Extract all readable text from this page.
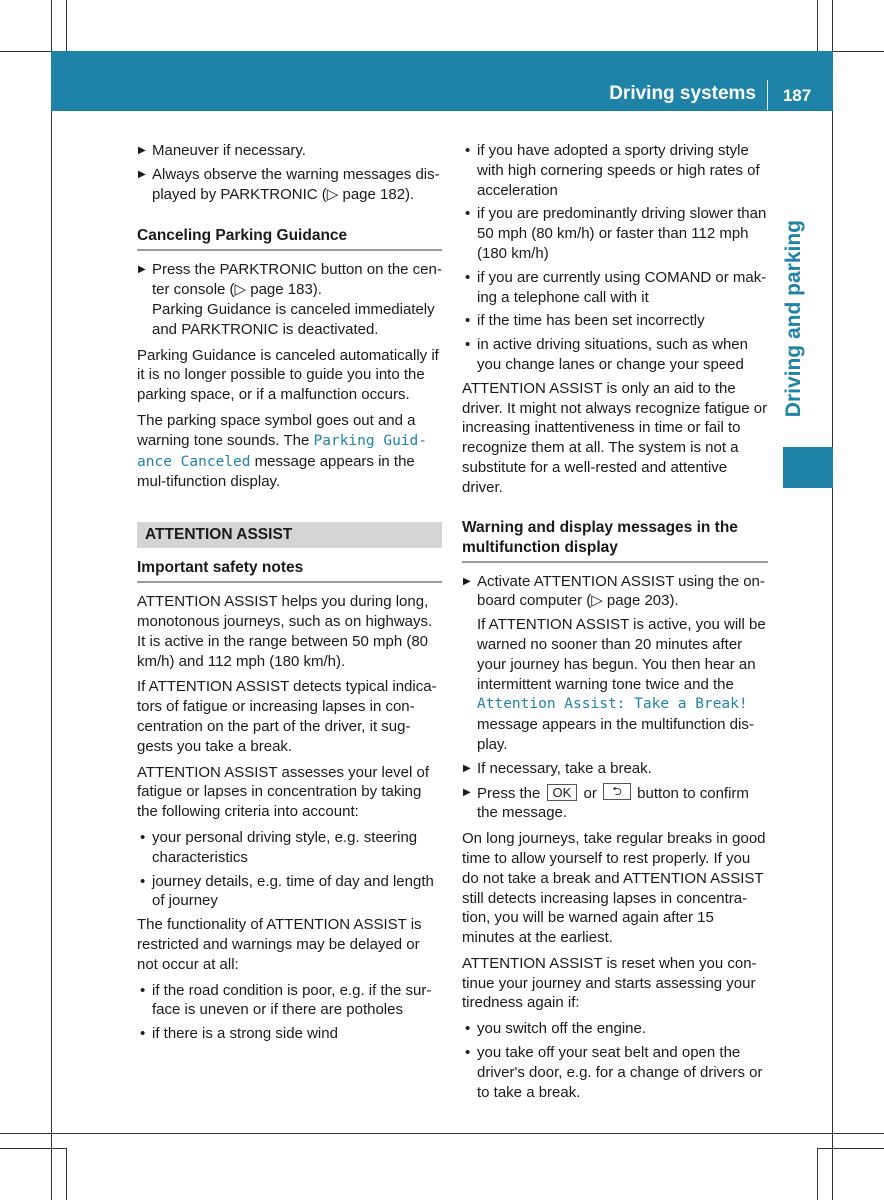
Driving systems	187
Driving and parking
▶ Maneuver if necessary.
▶ Always observe the warning messages dis-played by PARKTRONIC (▷ page 182).
Canceling Parking Guidance
▶ Press the PARKTRONIC button on the cen-ter console (▷ page 183).
Parking Guidance is canceled immediately and PARKTRONIC is deactivated.

Parking Guidance is canceled automatically if it is no longer possible to guide you into the parking space, or if a malfunction occurs.

The parking space symbol goes out and a warning tone sounds. The Parking Guid-ance Canceled message appears in the mul-tifunction display.

ATTENTION ASSIST
Important safety notes

ATTENTION ASSIST helps you during long, monotonous journeys, such as on highways. It is active in the range between 50 mph (80 km/h) and 112 mph (180 km/h).

If ATTENTION ASSIST detects typical indica-tors of fatigue or increasing lapses in con-centration on the part of the driver, it sug-gests you take a break.

ATTENTION ASSIST assesses your level of fatigue or lapses in concentration by taking the following criteria into account:

• your personal driving style, e.g. steering characteristics
• journey details, e.g. time of day and length of journey

The functionality of ATTENTION ASSIST is restricted and warnings may be delayed or not occur at all:

• if the road condition is poor, e.g. if the sur-face is uneven or if there are potholes
• if there is a strong side wind
• if you have adopted a sporty driving style with high cornering speeds or high rates of acceleration
• if you are predominantly driving slower than 50 mph (80 km/h) or faster than 112 mph (180 km/h)
• if you are currently using COMAND or mak-ing a telephone call with it
• if the time has been set incorrectly
• in active driving situations, such as when you change lanes or change your speed

ATTENTION ASSIST is only an aid to the driver. It might not always recognize fatigue or increasing inattentiveness in time or fail to recognize them at all. The system is not a substitute for a well-rested and attentive driver.

Warning and display messages in the multifunction display
▶ Activate ATTENTION ASSIST using the on-board computer (▷ page 203).
If ATTENTION ASSIST is active, you will be warned no sooner than 20 minutes after your journey has begun. You then hear an intermittent warning tone twice and the Attention Assist: Take a Break! message appears in the multifunction dis-play.
▶ If necessary, take a break.
▶ Press the OK or ⮌ button to confirm the message.

On long journeys, take regular breaks in good time to allow yourself to rest properly. If you do not take a break and ATTENTION ASSIST still detects increasing lapses in concentra-tion, you will be warned again after 15 minutes at the earliest.

ATTENTION ASSIST is reset when you con-tinue your journey and starts assessing your tiredness again if:

• you switch off the engine.
• you take off your seat belt and open the driver's door, e.g. for a change of drivers or to take a break.
